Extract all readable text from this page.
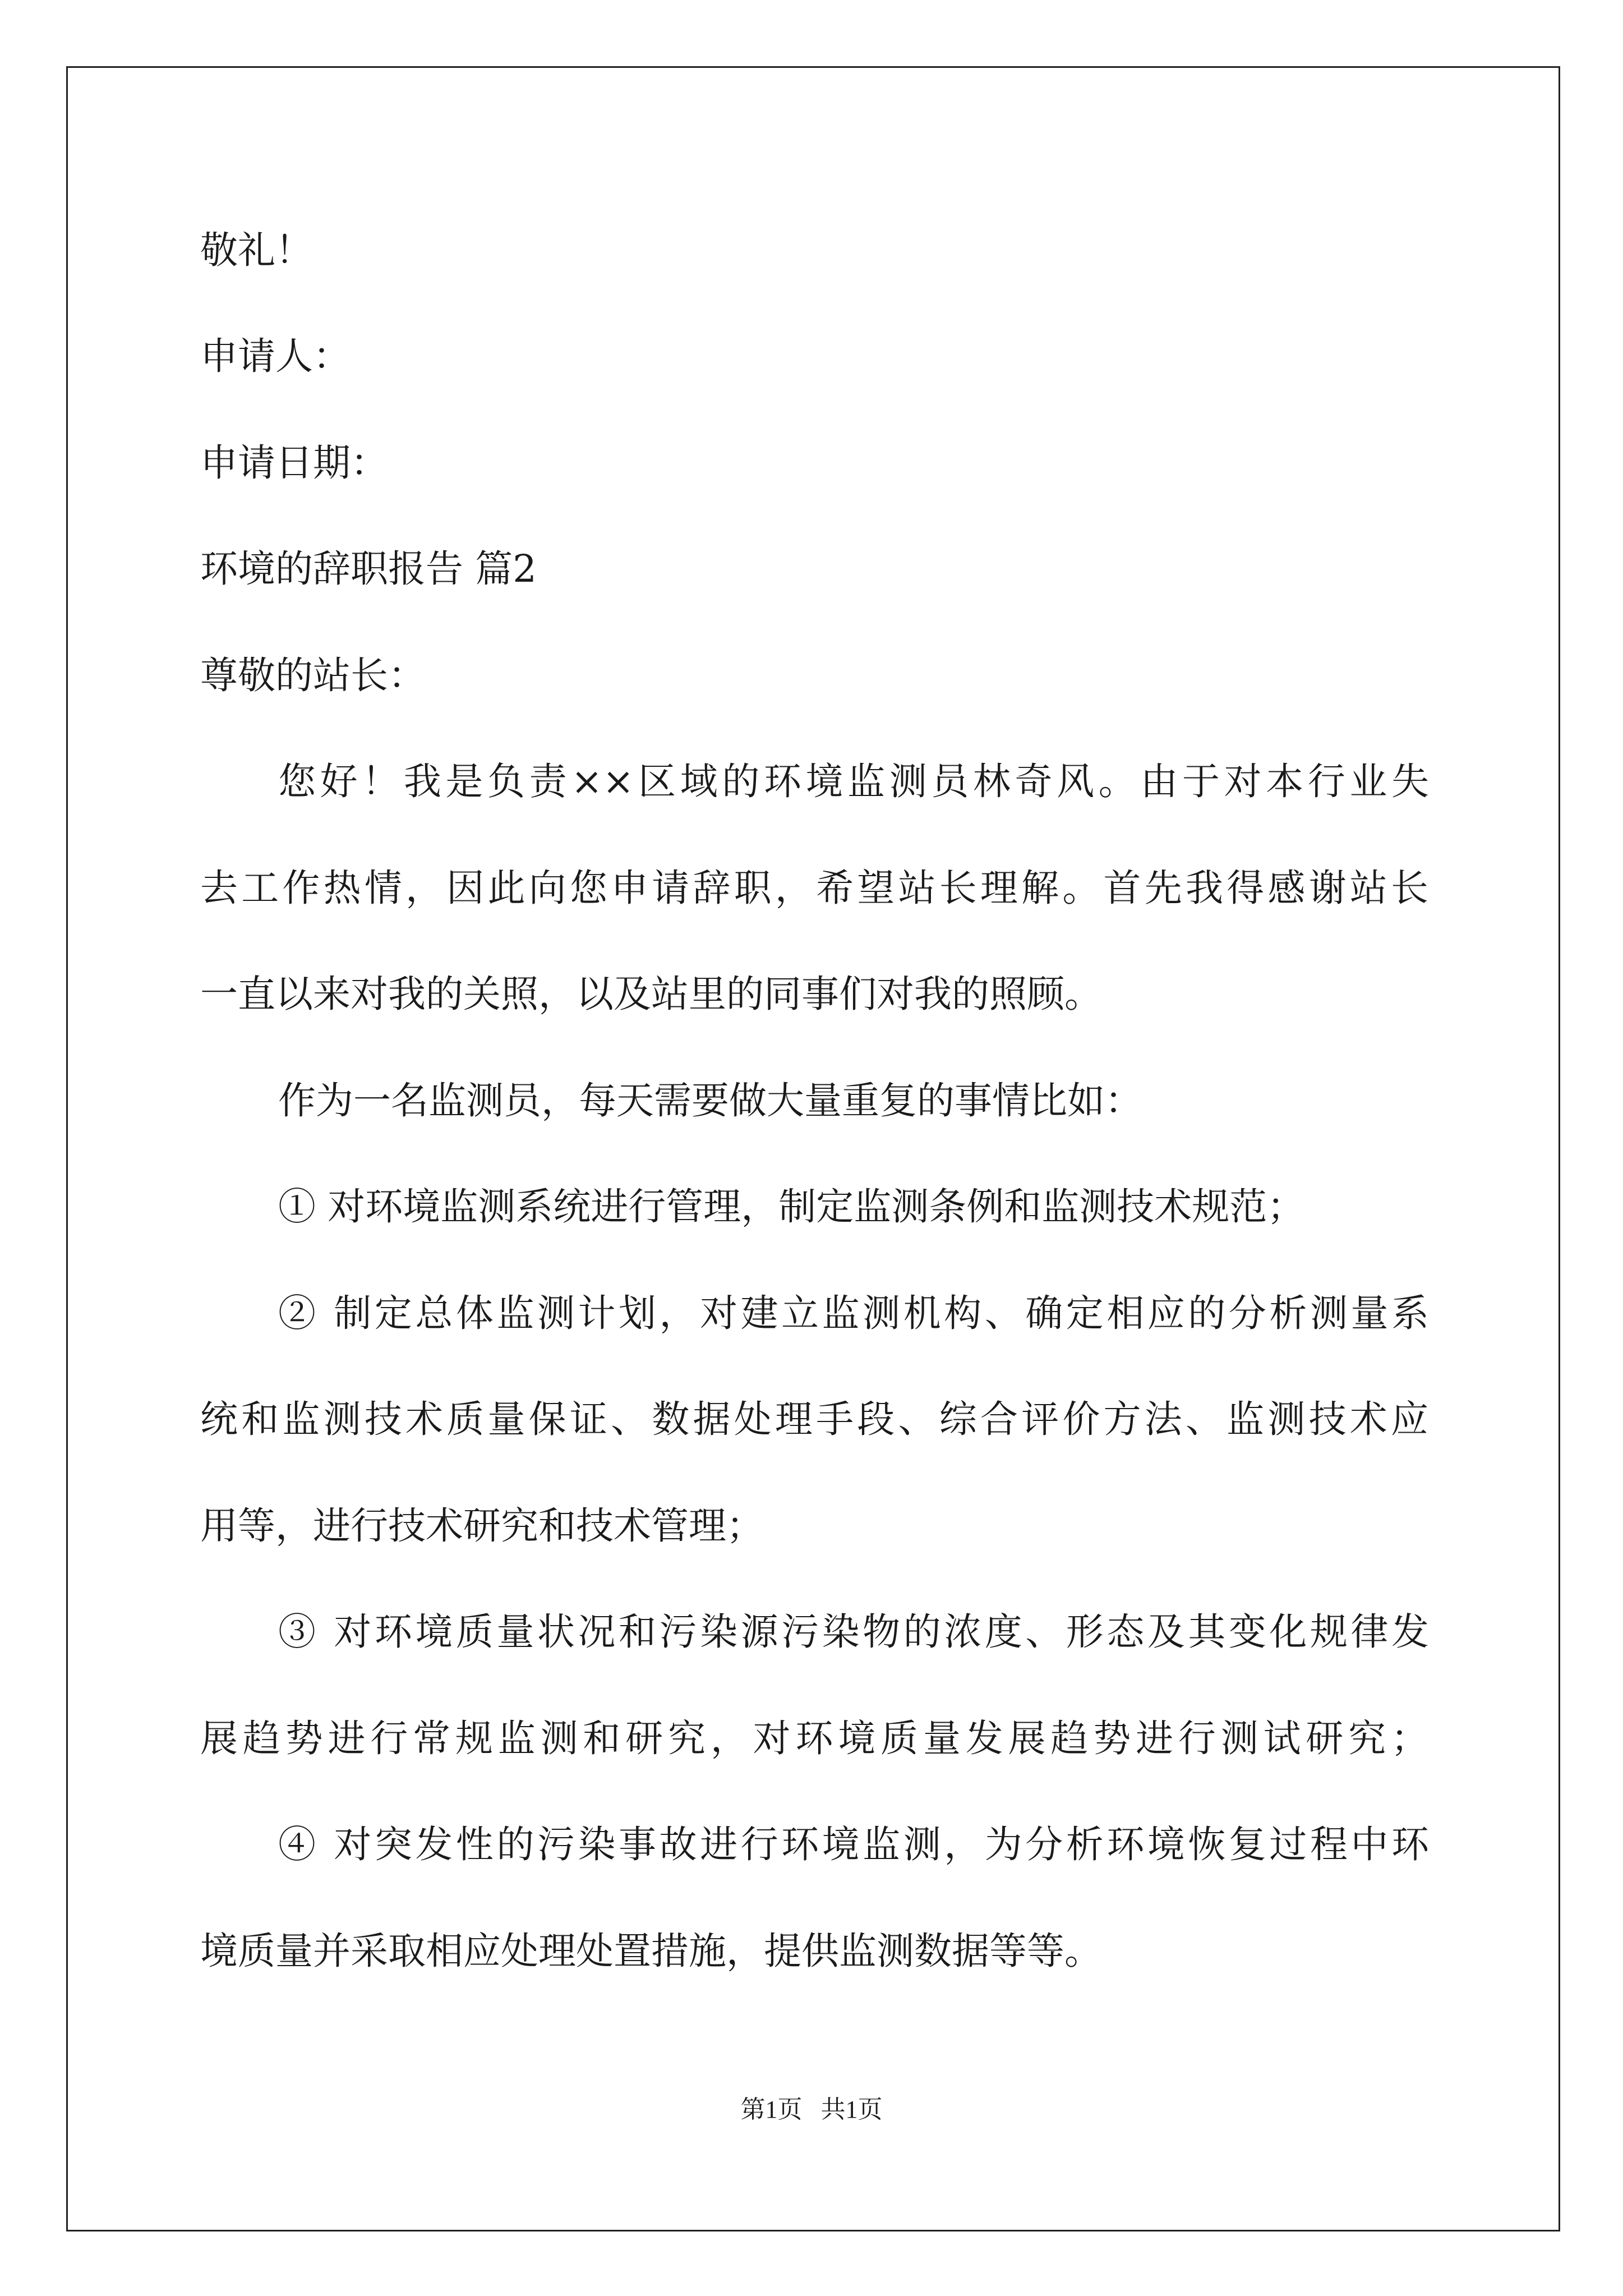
敬礼！
申请人：
申请日期：
环境的辞职报告 篇2
尊敬的站长：
您好！我是负责××区域的环境监测员林奇风。由于对本行业失
去工作热情，因此向您申请辞职，希望站长理解。首先我得感谢站长
一直以来对我的关照，以及站里的同事们对我的照顾。
作为一名监测员，每天需要做大量重复的事情比如：
① 对环境监测系统进行管理，制定监测条例和监测技术规范；
② 制定总体监测计划，对建立监测机构、确定相应的分析测量系
统和监测技术质量保证、数据处理手段、综合评价方法、监测技术应
用等，进行技术研究和技术管理；
③ 对环境质量状况和污染源污染物的浓度、形态及其变化规律发
展趋势进行常规监测和研究，对环境质量发展趋势进行测试研究；
④ 对突发性的污染事故进行环境监测，为分析环境恢复过程中环
境质量并采取相应处理处置措施，提供监测数据等等。
第1页   共1页
